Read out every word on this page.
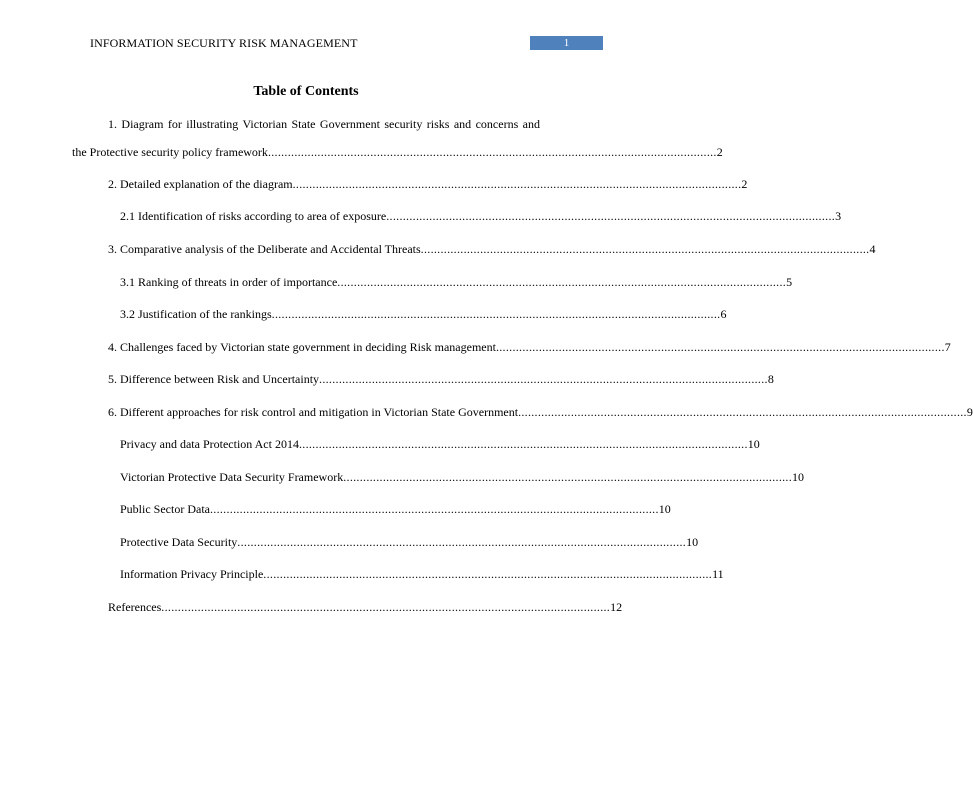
INFORMATION SECURITY RISK MANAGEMENT	1
Table of Contents
1. Diagram for illustrating Victorian State Government security risks and concerns and
the Protective security policy framework ........................................................................................................................................ 2
2. Detailed explanation of the diagram ........................................................................................................................................ 2
2.1 Identification of risks according to area of exposure ........................................................................................................................................ 3
3. Comparative analysis of the Deliberate and Accidental Threats ........................................................................................................................................ 4
3.1 Ranking of threats in order of importance ........................................................................................................................................ 5
3.2 Justification of the rankings ........................................................................................................................................ 6
4. Challenges faced by Victorian state government in deciding Risk management ........................................................................................................................................ 7
5. Difference between Risk and Uncertainty ........................................................................................................................................ 8
6. Different approaches for risk control and mitigation in Victorian State Government ........................................................................................................................................ 9
Privacy and data Protection Act 2014 ........................................................................................................................................ 10
Victorian Protective Data Security Framework ........................................................................................................................................ 10
Public Sector Data ........................................................................................................................................ 10
Protective Data Security ........................................................................................................................................ 10
Information Privacy Principle ........................................................................................................................................ 11
References ........................................................................................................................................ 12
